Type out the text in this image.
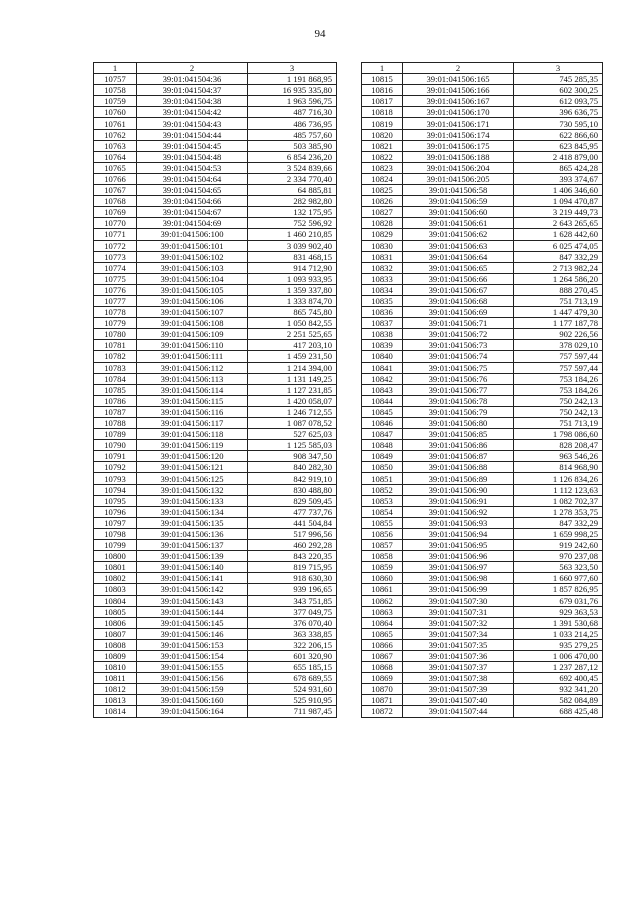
94
1	2	3
10757	39:01:041504:36	1 191 868,95
10758	39:01:041504:37	16 935 335,80
10759	39:01:041504:38	1 963 596,75
10760	39:01:041504:42	487 716,30
10761	39:01:041504:43	486 736,95
10762	39:01:041504:44	485 757,60
10763	39:01:041504:45	503 385,90
10764	39:01:041504:48	6 854 236,20
10765	39:01:041504:53	3 524 839,66
10766	39:01:041504:64	2 334 770,40
10767	39:01:041504:65	64 885,81
10768	39:01:041504:66	282 982,80
10769	39:01:041504:67	132 175,95
10770	39:01:041504:69	752 596,92
10771	39:01:041506:100	1 460 210,85
10772	39:01:041506:101	3 039 902,40
10773	39:01:041506:102	831 468,15
10774	39:01:041506:103	914 712,90
10775	39:01:041506:104	1 093 933,95
10776	39:01:041506:105	1 359 337,80
10777	39:01:041506:106	1 333 874,70
10778	39:01:041506:107	865 745,80
10779	39:01:041506:108	1 050 842,55
10780	39:01:041506:109	2 251 525,65
10781	39:01:041506:110	417 203,10
10782	39:01:041506:111	1 459 231,50
10783	39:01:041506:112	1 214 394,00
10784	39:01:041506:113	1 131 149,25
10785	39:01:041506:114	1 127 231,85
10786	39:01:041506:115	1 420 058,07
10787	39:01:041506:116	1 246 712,55
10788	39:01:041506:117	1 087 078,52
10789	39:01:041506:118	527 625,03
10790	39:01:041506:119	1 125 585,03
10791	39:01:041506:120	908 347,50
10792	39:01:041506:121	840 282,30
10793	39:01:041506:125	842 919,10
10794	39:01:041506:132	830 488,80
10795	39:01:041506:133	829 509,45
10796	39:01:041506:134	477 737,76
10797	39:01:041506:135	441 504,84
10798	39:01:041506:136	517 996,56
10799	39:01:041506:137	460 292,28
10800	39:01:041506:139	843 220,35
10801	39:01:041506:140	819 715,95
10802	39:01:041506:141	918 630,30
10803	39:01:041506:142	939 196,65
10804	39:01:041506:143	343 751,85
10805	39:01:041506:144	377 049,75
10806	39:01:041506:145	376 070,40
10807	39:01:041506:146	363 338,85
10808	39:01:041506:153	322 206,15
10809	39:01:041506:154	601 320,90
10810	39:01:041506:155	655 185,15
10811	39:01:041506:156	678 689,55
10812	39:01:041506:159	524 931,60
10813	39:01:041506:160	525 910,95
10814	39:01:041506:164	711 987,45
1	2	3
10815	39:01:041506:165	745 285,35
10816	39:01:041506:166	602 300,25
10817	39:01:041506:167	612 093,75
10818	39:01:041506:170	396 636,75
10819	39:01:041506:171	730 595,10
10820	39:01:041506:174	622 866,60
10821	39:01:041506:175	623 845,95
10822	39:01:041506:188	2 418 879,00
10823	39:01:041506:204	865 424,28
10824	39:01:041506:205	393 374,67
10825	39:01:041506:58	1 406 346,60
10826	39:01:041506:59	1 094 470,87
10827	39:01:041506:60	3 219 449,73
10828	39:01:041506:61	2 643 265,65
10829	39:01:041506:62	1 628 442,60
10830	39:01:041506:63	6 025 474,05
10831	39:01:041506:64	847 332,29
10832	39:01:041506:65	2 713 982,24
10833	39:01:041506:66	1 264 586,20
10834	39:01:041506:67	888 270,45
10835	39:01:041506:68	751 713,19
10836	39:01:041506:69	1 447 479,30
10837	39:01:041506:71	1 177 187,78
10838	39:01:041506:72	902 226,56
10839	39:01:041506:73	378 029,10
10840	39:01:041506:74	757 597,44
10841	39:01:041506:75	757 597,44
10842	39:01:041506:76	753 184,26
10843	39:01:041506:77	753 184,26
10844	39:01:041506:78	750 242,13
10845	39:01:041506:79	750 242,13
10846	39:01:041506:80	751 713,19
10847	39:01:041506:85	1 798 086,60
10848	39:01:041506:86	828 208,47
10849	39:01:041506:87	963 546,26
10850	39:01:041506:88	814 968,90
10851	39:01:041506:89	1 126 834,26
10852	39:01:041506:90	1 112 123,63
10853	39:01:041506:91	1 082 702,37
10854	39:01:041506:92	1 278 353,75
10855	39:01:041506:93	847 332,29
10856	39:01:041506:94	1 659 998,25
10857	39:01:041506:95	919 242,60
10858	39:01:041506:96	970 237,08
10859	39:01:041506:97	563 323,50
10860	39:01:041506:98	1 660 977,60
10861	39:01:041506:99	1 857 826,95
10862	39:01:041507:30	679 031,76
10863	39:01:041507:31	929 363,53
10864	39:01:041507:32	1 391 530,68
10865	39:01:041507:34	1 033 214,25
10866	39:01:041507:35	935 279,25
10867	39:01:041507:36	1 006 470,00
10868	39:01:041507:37	1 237 287,12
10869	39:01:041507:38	692 400,45
10870	39:01:041507:39	932 341,20
10871	39:01:041507:40	582 084,89
10872	39:01:041507:44	688 425,48
